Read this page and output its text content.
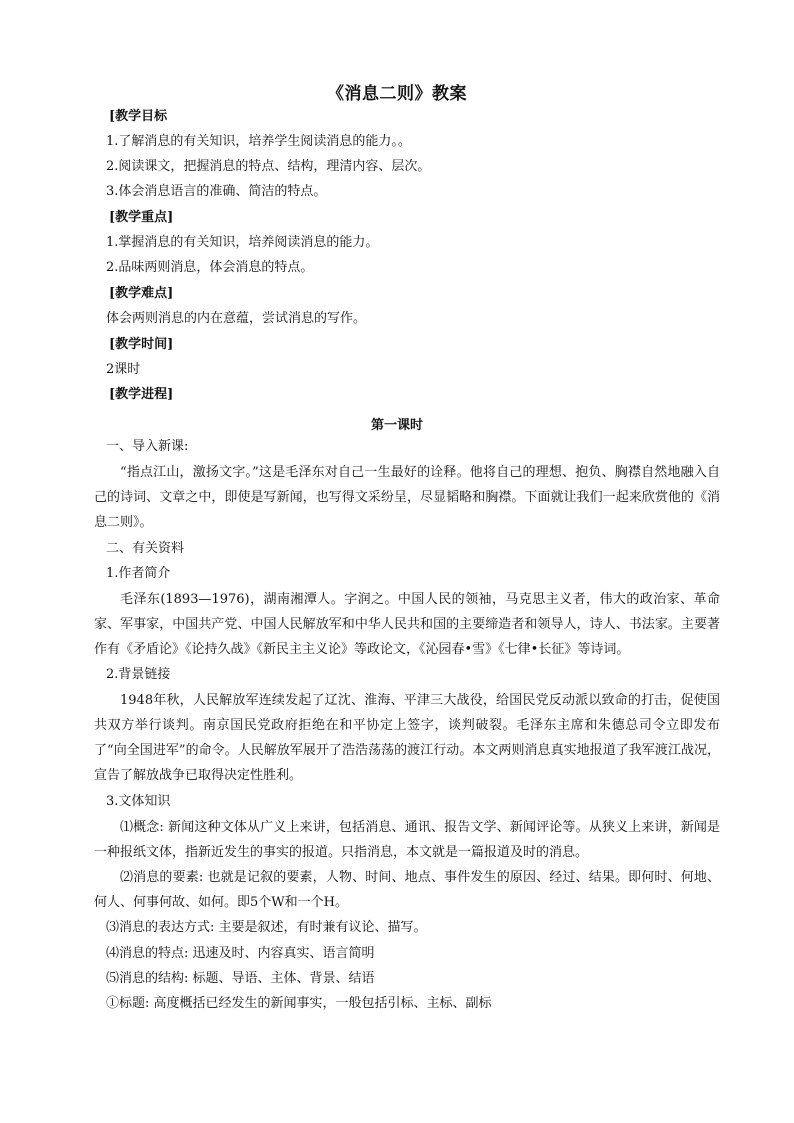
《消息二则》教案
[教学目标
1.了解消息的有关知识，培养学生阅读消息的能力。。
2.阅读课文，把握消息的特点、结构，理清内容、层次。
3.体会消息语言的准确、简洁的特点。
[教学重点]
1.掌握消息的有关知识，培养阅读消息的能力。
2.品味两则消息，体会消息的特点。
[教学难点]
体会两则消息的内在意蕴，尝试消息的写作。
[教学时间]
2课时
[教学进程]
第一课时
一、导入新课:
“指点江山，激扬文字。”这是毛泽东对自己一生最好的诠释。他将自己的理想、抱负、胸襟自然地融入自己的诗词、文章之中，即使是写新闻，也写得文采纷呈，尽显韬略和胸襟。下面就让我们一起来欣赏他的《消息二则》。
二、有关资料
1.作者简介
毛泽东(1893—1976)，湖南湘潭人。字润之。中国人民的领袖，马克思主义者，伟大的政治家、革命家、军事家，中国共产党、中国人民解放军和中华人民共和国的主要缔造者和领导人，诗人、书法家。主要著作有《矛盾论》《论持久战》《新民主主义论》等政论文，《沁园春•雪》《七律•长征》等诗词。
2.背景链接
1948年秋，人民解放军连续发起了辽沈、淮海、平津三大战役，给国民党反动派以致命的打击，促使国共双方举行谈判。南京国民党政府拒绝在和平协定上签字，谈判破裂。毛泽东主席和朱德总司令立即发布了“向全国进军”的命令。人民解放军展开了浩浩荡荡的渡江行动。本文两则消息真实地报道了我军渡江战况，宣告了解放战争已取得决定性胜利。
3.文体知识
⑴概念: 新闻这种文体从广义上来讲，包括消息、通讯、报告文学、新闻评论等。从狭义上来讲，新闻是一种报纸文体，指新近发生的事实的报道。只指消息，本文就是一篇报道及时的消息。
⑵消息的要素: 也就是记叙的要素，人物、时间、地点、事件发生的原因、经过、结果。即何时、何地、何人、何事何故、如何。即5个W和一个H。
⑶消息的表达方式: 主要是叙述，有时兼有议论、描写。
⑷消息的特点: 迅速及时、内容真实、语言简明
⑸消息的结构: 标题、导语、主体、背景、结语
①标题: 高度概括已经发生的新闻事实，一般包括引标、主标、副标
